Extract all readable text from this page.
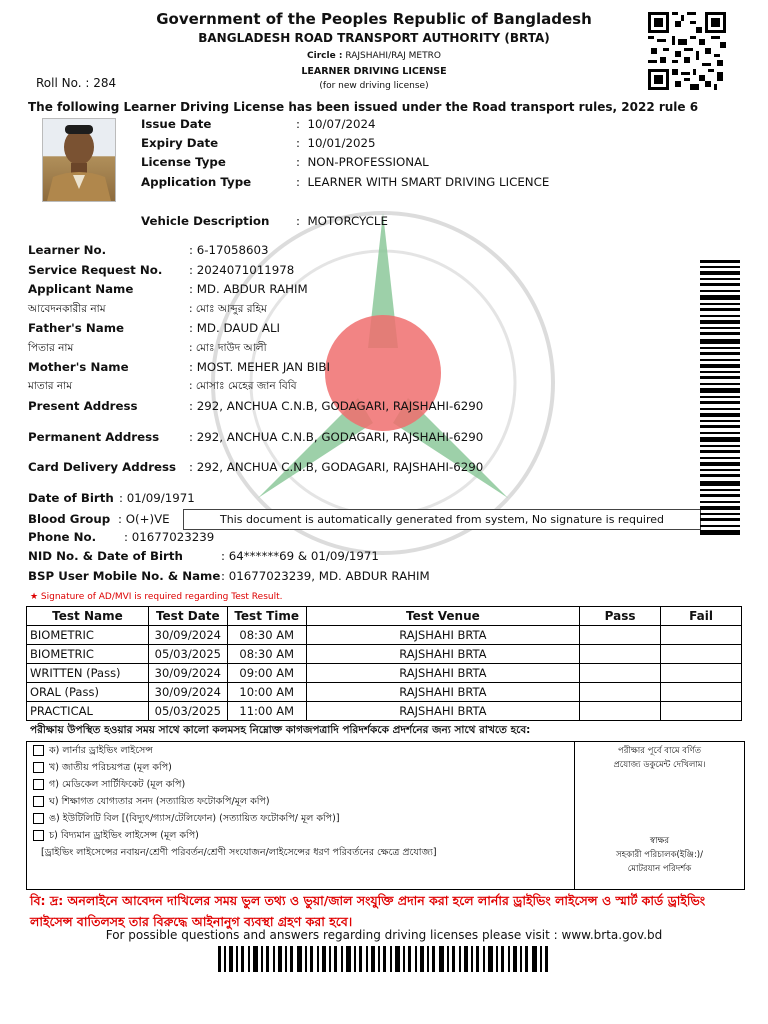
Government of the Peoples Republic of Bangladesh
BANGLADESH ROAD TRANSPORT AUTHORITY (BRTA)
Circle : RAJSHAHI/RAJ METRO
LEARNER DRIVING LICENSE
(for new driving license)
Roll No. : 284
The following Learner Driving License has been issued under the Road transport rules, 2022 rule 6
Issue Date	:  10/07/2024
Expiry Date	:  10/01/2025
License Type	:  NON-PROFESSIONAL
Application Type	:  LEARNER WITH SMART DRIVING LICENCE
Vehicle Description :  MOTORCYCLE
Learner No.	: 6-17058603
Service Request No. : 2024071011978
Applicant Name	: MD. ABDUR RAHIM
আবেদনকারীর নাম	: মোঃ আব্দুর রহিম
Father's Name	: MD. DAUD ALI
পিতার নাম	: মোঃ দাউদ আলী
Mother's Name	: MOST. MEHER JAN BIBI
মাতার নাম	: মোসাঃ মেহের জান বিবি
Present Address	: 292, ANCHUA C.N.B, GODAGARI, RAJSHAHI-6290
Permanent Address	: 292, ANCHUA C.N.B, GODAGARI, RAJSHAHI-6290
Card Delivery Address : 292, ANCHUA C.N.B, GODAGARI, RAJSHAHI-6290
Date of Birth : 01/09/1971
Blood Group : O(+)VE
Phone No. : 01677023239
NID No. & Date of Birth	: 64******69 & 01/09/1971
BSP User Mobile No. & Name : 01677023239, MD. ABDUR RAHIM
This document is automatically generated from system, No signature is required
★ Signature of AD/MVI is required regarding Test Result.
Test Name	Test Date	Test Time	Test Venue	Pass	Fail
BIOMETRIC	30/09/2024	08:30 AM	RAJSHAHI BRTA		
BIOMETRIC	05/03/2025	08:30 AM	RAJSHAHI BRTA		
WRITTEN (Pass)	30/09/2024	09:00 AM	RAJSHAHI BRTA		
ORAL (Pass)	30/09/2024	10:00 AM	RAJSHAHI BRTA		
PRACTICAL	05/03/2025	11:00 AM	RAJSHAHI BRTA		
পরীক্ষায় উপস্থিত হওয়ার সময় সাথে কালো কলমসহ নিম্নোক্ত কাগজপত্রাদি পরিদর্শককে প্রদর্শনের জন্য সাথে রাখতে হবে:
ক) লার্নার ড্রাইভিং লাইসেন্স
খ) জাতীয় পরিচয়পত্র (মূল কপি)
গ) মেডিকেল সার্টিফিকেট (মূল কপি)
ঘ) শিক্ষাগত যোগ্যতার সনদ (সত্যায়িত ফটোকপি/মূল কপি)
ঙ) ইউটিলিটি বিল [(বিদ্যুৎ/গ্যাস/টেলিফোন) (সত্যায়িত ফটোকপি/ মূল কপি)]
চ) বিদ্যমান ড্রাইভিং লাইসেন্স (মূল কপি)
[ড্রাইভিং লাইসেন্সের নবায়ন/শ্রেণী পরিবর্তন/শ্রেণী সংযোজন/লাইসেন্সের ধরণ পরিবর্তনের ক্ষেত্রে প্রযোজ্য]
পরীক্ষার পূর্বে বামে বর্ণিত
প্রযোজ্য ডকুমেন্ট দেখিলাম।
স্বাক্ষর
সহকারী পরিচালক(ইঞ্জি:)/
মোটরযান পরিদর্শক
বি: দ্র: অনলাইনে আবেদন দাখিলের সময় ভুল তথ্য ও ভুয়া/জাল সংযুক্তি প্রদান করা হলে লার্নার ড্রাইভিং লাইসেন্স ও স্মার্ট কার্ড ড্রাইভিং লাইসেন্স বাতিলসহ তার বিরুদ্ধে আইনানুগ ব্যবস্থা গ্রহণ করা হবে।
For possible questions and answers regarding driving licenses please visit : www.brta.gov.bd
